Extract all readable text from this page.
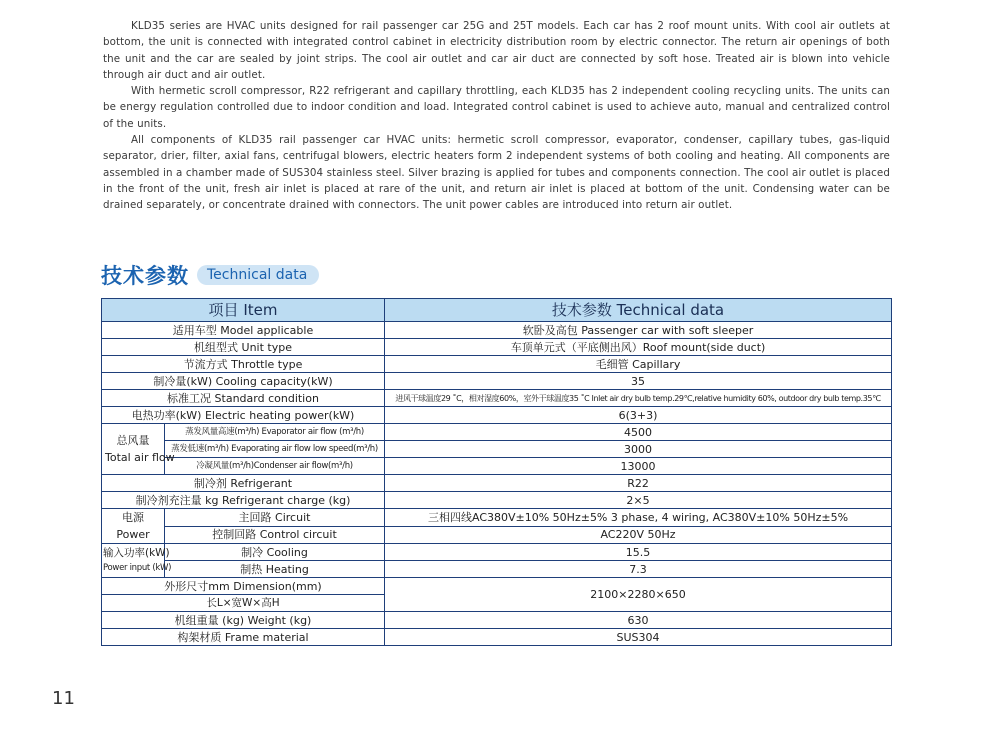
KLD35 series are HVAC units designed for rail passenger car 25G and 25T models. Each car has 2 roof mount units. With cool air outlets at bottom, the unit is connected with integrated control cabinet in electricity distribution room by electric connector. The return air openings of both the unit and the car are sealed by joint strips. The cool air outlet and car air duct are connected by soft hose. Treated air is blown into vehicle through air duct and air outlet.

With hermetic scroll compressor, R22 refrigerant and capillary throttling, each KLD35 has 2 independent cooling recycling units. The units can be energy regulation controlled due to indoor condition and load. Integrated control cabinet is used to achieve auto, manual and centralized control of the units.

All components of KLD35 rail passenger car HVAC units: hermetic scroll compressor, evaporator, condenser, capillary tubes, gas-liquid separator, drier, filter, axial fans, centrifugal blowers, electric heaters form 2 independent systems of both cooling and heating. All components are assembled in a chamber made of SUS304 stainless steel. Silver brazing is applied for tubes and components connection. The cool air outlet is placed in the front of the unit, fresh air inlet is placed at rare of the unit, and return air inlet is placed at bottom of the unit. Condensing water can be drained separately, or concentrate drained with connectors. The unit power cables are introduced into return air outlet.

技术参数	Technical data
项目 Item		技术参数 Technical data
适用车型 Model applicable		软卧及高包 Passenger car with soft sleeper
机组型式 Unit type		车顶单元式（平底侧出风）Roof mount(side duct)
节流方式 Throttle type		毛细管 Capillary
制冷量(kW) Cooling capacity(kW)		35
标准工况 Standard condition		进风干球温度29 ˚C，相对湿度60%，室外干球温度35 ˚C Inlet air dry bulb temp.29℃,relative humidity 60%, outdoor dry bulb temp.35℃
电热功率(kW) Electric heating power(kW)		6(3+3)

总风量
Total air flow	蒸发风量高速(m³/h) Evaporator air flow (m³/h)	4500
	蒸发低速(m³/h) Evaporating air flow low speed(m³/h)	3000
	冷凝风量(m³/h)Condenser air flow(m³/h)	13000
制冷剂 Refrigerant		R22
制冷剂充注量 kg Refrigerant charge (kg)		2×5

电源
Power	主回路 Circuit	三相四线AC380V±10% 50Hz±5% 3 phase, 4 wiring, AC380V±10% 50Hz±5%
	控制回路 Control circuit	AC220V 50Hz

输入功率(kW)
Power input (kW)	制冷 Cooling	15.5
	制热 Heating	7.3
外形尺寸mm Dimension(mm)		2100×2280×650
长L×宽W×高H		
机组重量 (kg) Weight (kg)		630
构架材质 Frame material		SUS304
11
